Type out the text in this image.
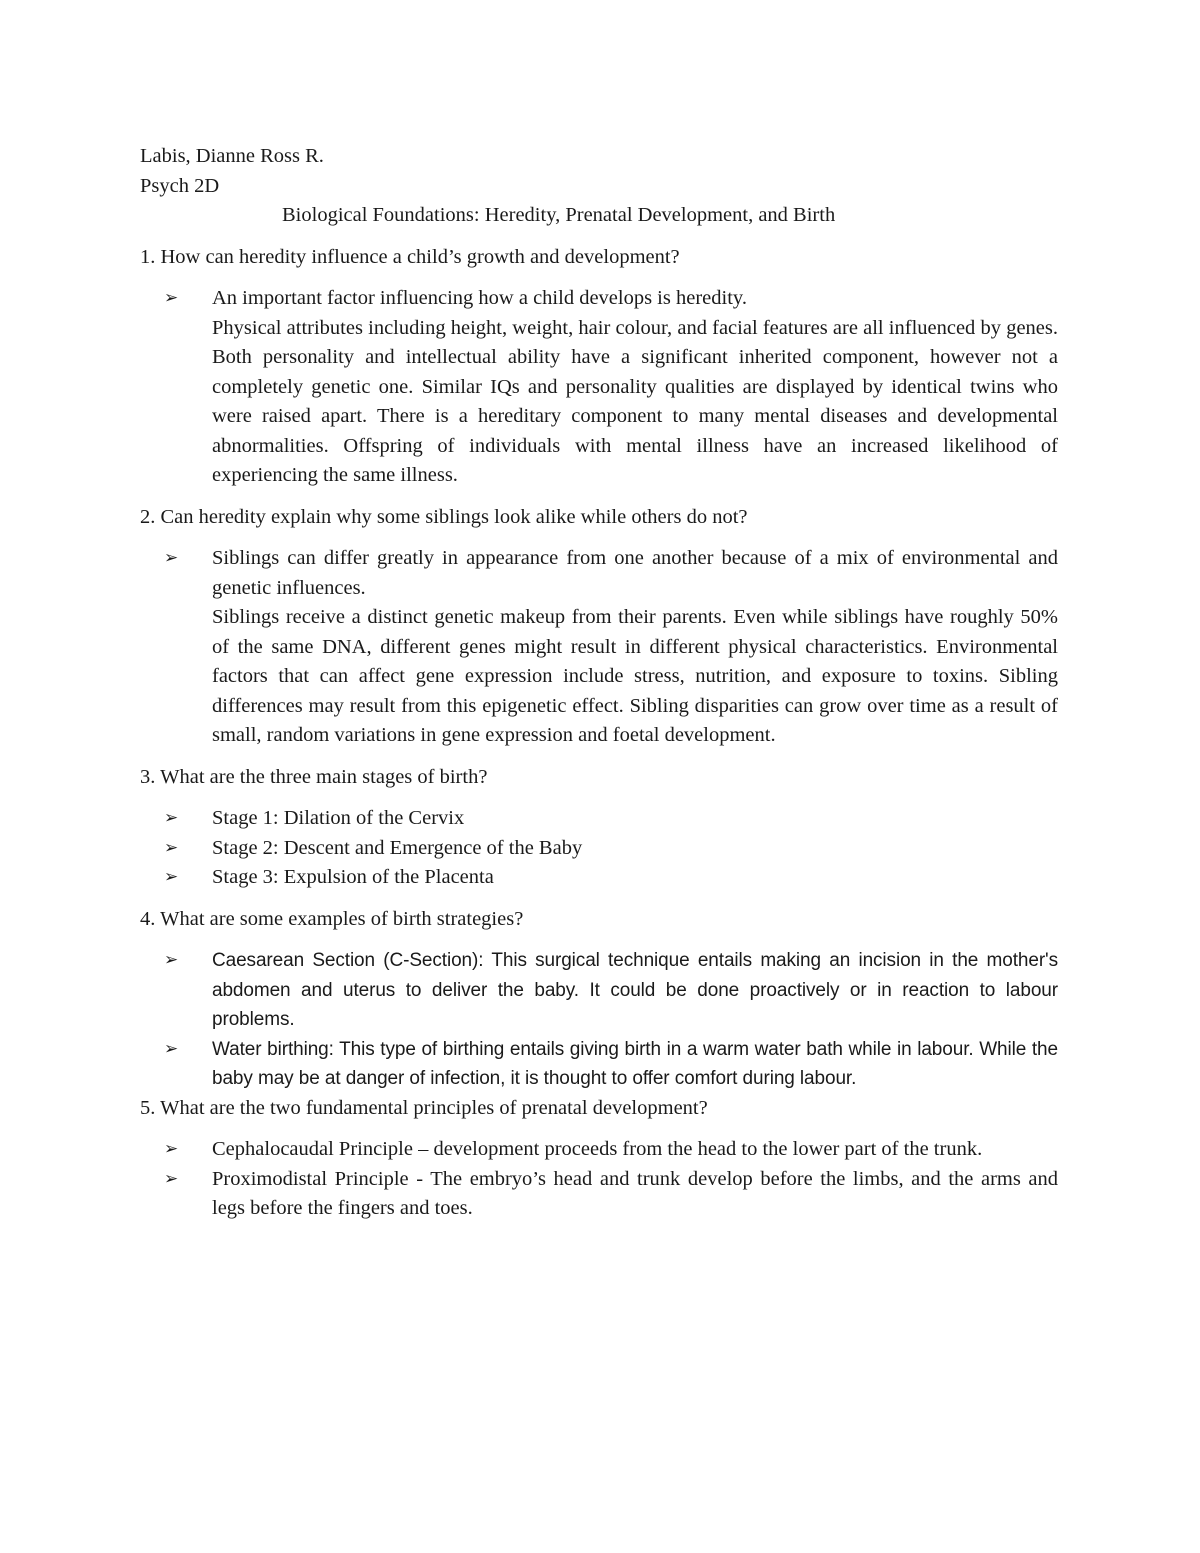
Labis, Dianne Ross R.

Psych 2D

Biological Foundations: Heredity, Prenatal Development, and Birth

1. How can heredity influence a child’s growth and development?

➢ An important factor influencing how a child develops is heredity.
Physical attributes including height, weight, hair colour, and facial features are all influenced by genes. Both personality and intellectual ability have a significant inherited component, however not a completely genetic one. Similar IQs and personality qualities are displayed by identical twins who were raised apart. There is a hereditary component to many mental diseases and developmental abnormalities. Offspring of individuals with mental illness have an increased likelihood of experiencing the same illness.

2. Can heredity explain why some siblings look alike while others do not?

➢ Siblings can differ greatly in appearance from one another because of a mix of environmental and genetic influences.
Siblings receive a distinct genetic makeup from their parents. Even while siblings have roughly 50% of the same DNA, different genes might result in different physical characteristics. Environmental factors that can affect gene expression include stress, nutrition, and exposure to toxins. Sibling differences may result from this epigenetic effect. Sibling disparities can grow over time as a result of small, random variations in gene expression and foetal development.

3. What are the three main stages of birth?

➢ Stage 1: Dilation of the Cervix
➢ Stage 2: Descent and Emergence of the Baby
➢ Stage 3: Expulsion of the Placenta

4. What are some examples of birth strategies?

➢	Caesarean Section (C-Section): This surgical technique entails making an incision in the mother's abdomen and uterus to deliver the baby. It could be done proactively or in reaction to labour problems.
➢	Water birthing: This type of birthing entails giving birth in a warm water bath while in labour. While the baby may be at danger of infection, it is thought to offer comfort during labour.

5. What are the two fundamental principles of prenatal development?

➢ Cephalocaudal Principle – development proceeds from the head to the lower part of the trunk.
➢ Proximodistal Principle - The embryo’s head and trunk develop before the limbs, and the arms and legs before the fingers and toes.
